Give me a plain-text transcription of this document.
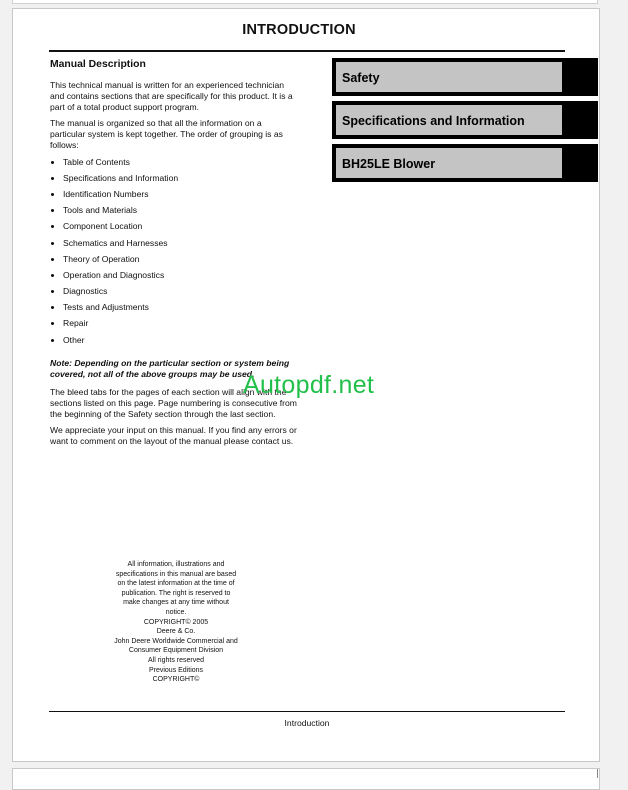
INTRODUCTION
Manual Description

This technical manual is written for an experienced technician and contains sections that are specifically for this product. It is a part of a total product support program.

The manual is organized so that all the information on a particular system is kept together. The order of grouping is as follows:

Table of Contents
Specifications and Information
Identification Numbers
Tools and Materials
Component Location
Schematics and Harnesses
Theory of Operation
Operation and Diagnostics
Diagnostics
Tests and Adjustments
Repair
Other

Note: Depending on the particular section or system being covered, not all of the above groups may be used.

The bleed tabs for the pages of each section will align with the sections listed on this page. Page numbering is consecutive from the beginning of the Safety section through the last section.

We appreciate your input on this manual. If you find any errors or want to comment on the layout of the manual please contact us.

All information, illustrations and
specifications in this manual are based
on the latest information at the time of
publication. The right is reserved to
make changes at any time without
notice.
COPYRIGHT© 2005
Deere & Co.
John Deere Worldwide Commercial and
Consumer Equipment Division
All rights reserved
Previous Editions
COPYRIGHT©
Safety
Specifications and Information
BH25LE Blower
Autopdf.net
Introduction
